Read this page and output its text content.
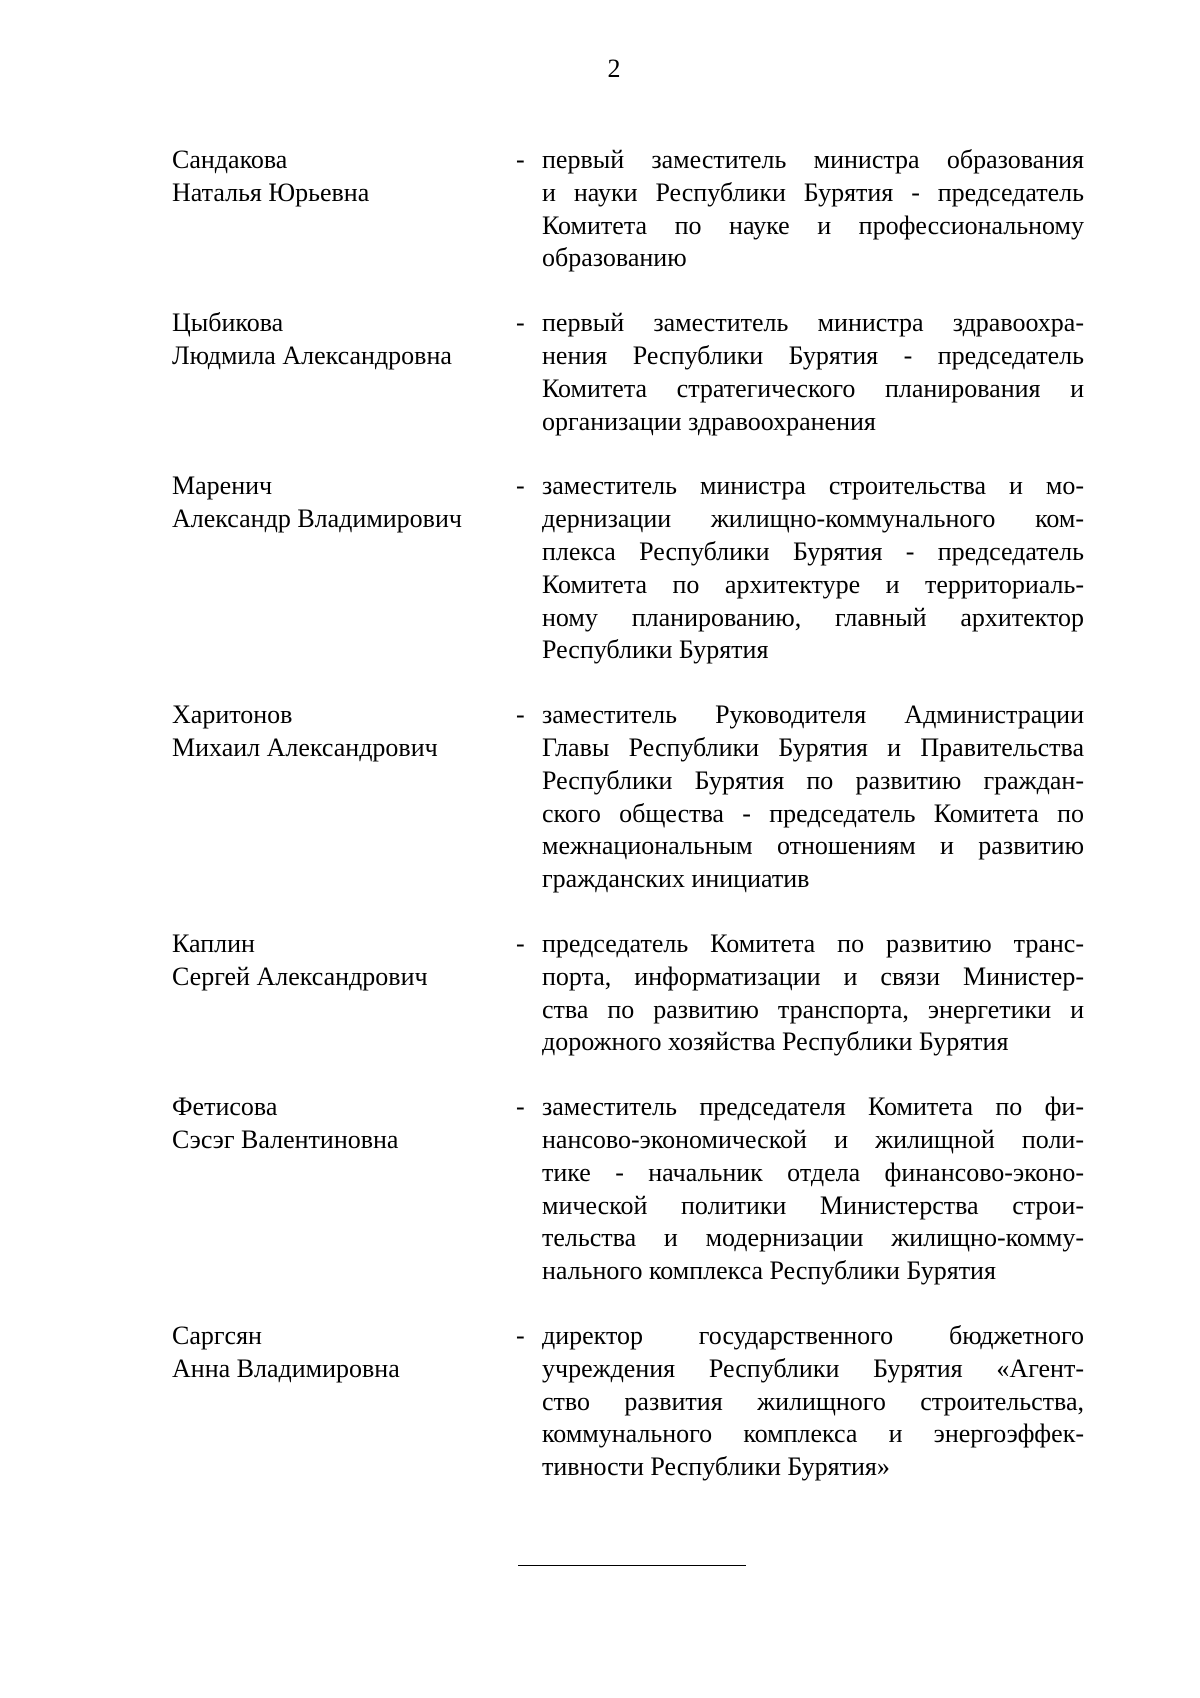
2
Сандакова
Наталья Юрьевна
- первый заместитель министра образования
и науки Республики Бурятия - председатель
Комитета по науке и профессиональному
образованию
Цыбикова
Людмила Александровна
- первый заместитель министра здравоохра-
нения Республики Бурятия - председатель
Комитета стратегического планирования и
организации здравоохранения
Маренич
Александр Владимирович
- заместитель министра строительства и мо-
дернизации жилищно-коммунального ком-
плекса Республики Бурятия - председатель
Комитета по архитектуре и территориаль-
ному планированию, главный архитектор
Республики Бурятия
Харитонов
Михаил Александрович
- заместитель Руководителя Администрации
Главы Республики Бурятия и Правительства
Республики Бурятия по развитию граждан-
ского общества - председатель Комитета по
межнациональным отношениям и развитию
гражданских инициатив
Каплин
Сергей Александрович
- председатель Комитета по развитию транс-
порта, информатизации и связи Министер-
ства по развитию транспорта, энергетики и
дорожного хозяйства Республики Бурятия
Фетисова
Сэсэг Валентиновна
- заместитель председателя Комитета по фи-
нансово-экономической и жилищной поли-
тике - начальник отдела финансово-эконо-
мической политики Министерства строи-
тельства и модернизации жилищно-комму-
нального комплекса Республики Бурятия
Саргсян
Анна Владимировна
- директор государственного бюджетного
учреждения Республики Бурятия «Агент-
ство развития жилищного строительства,
коммунального комплекса и энергоэффек-
тивности Республики Бурятия»
